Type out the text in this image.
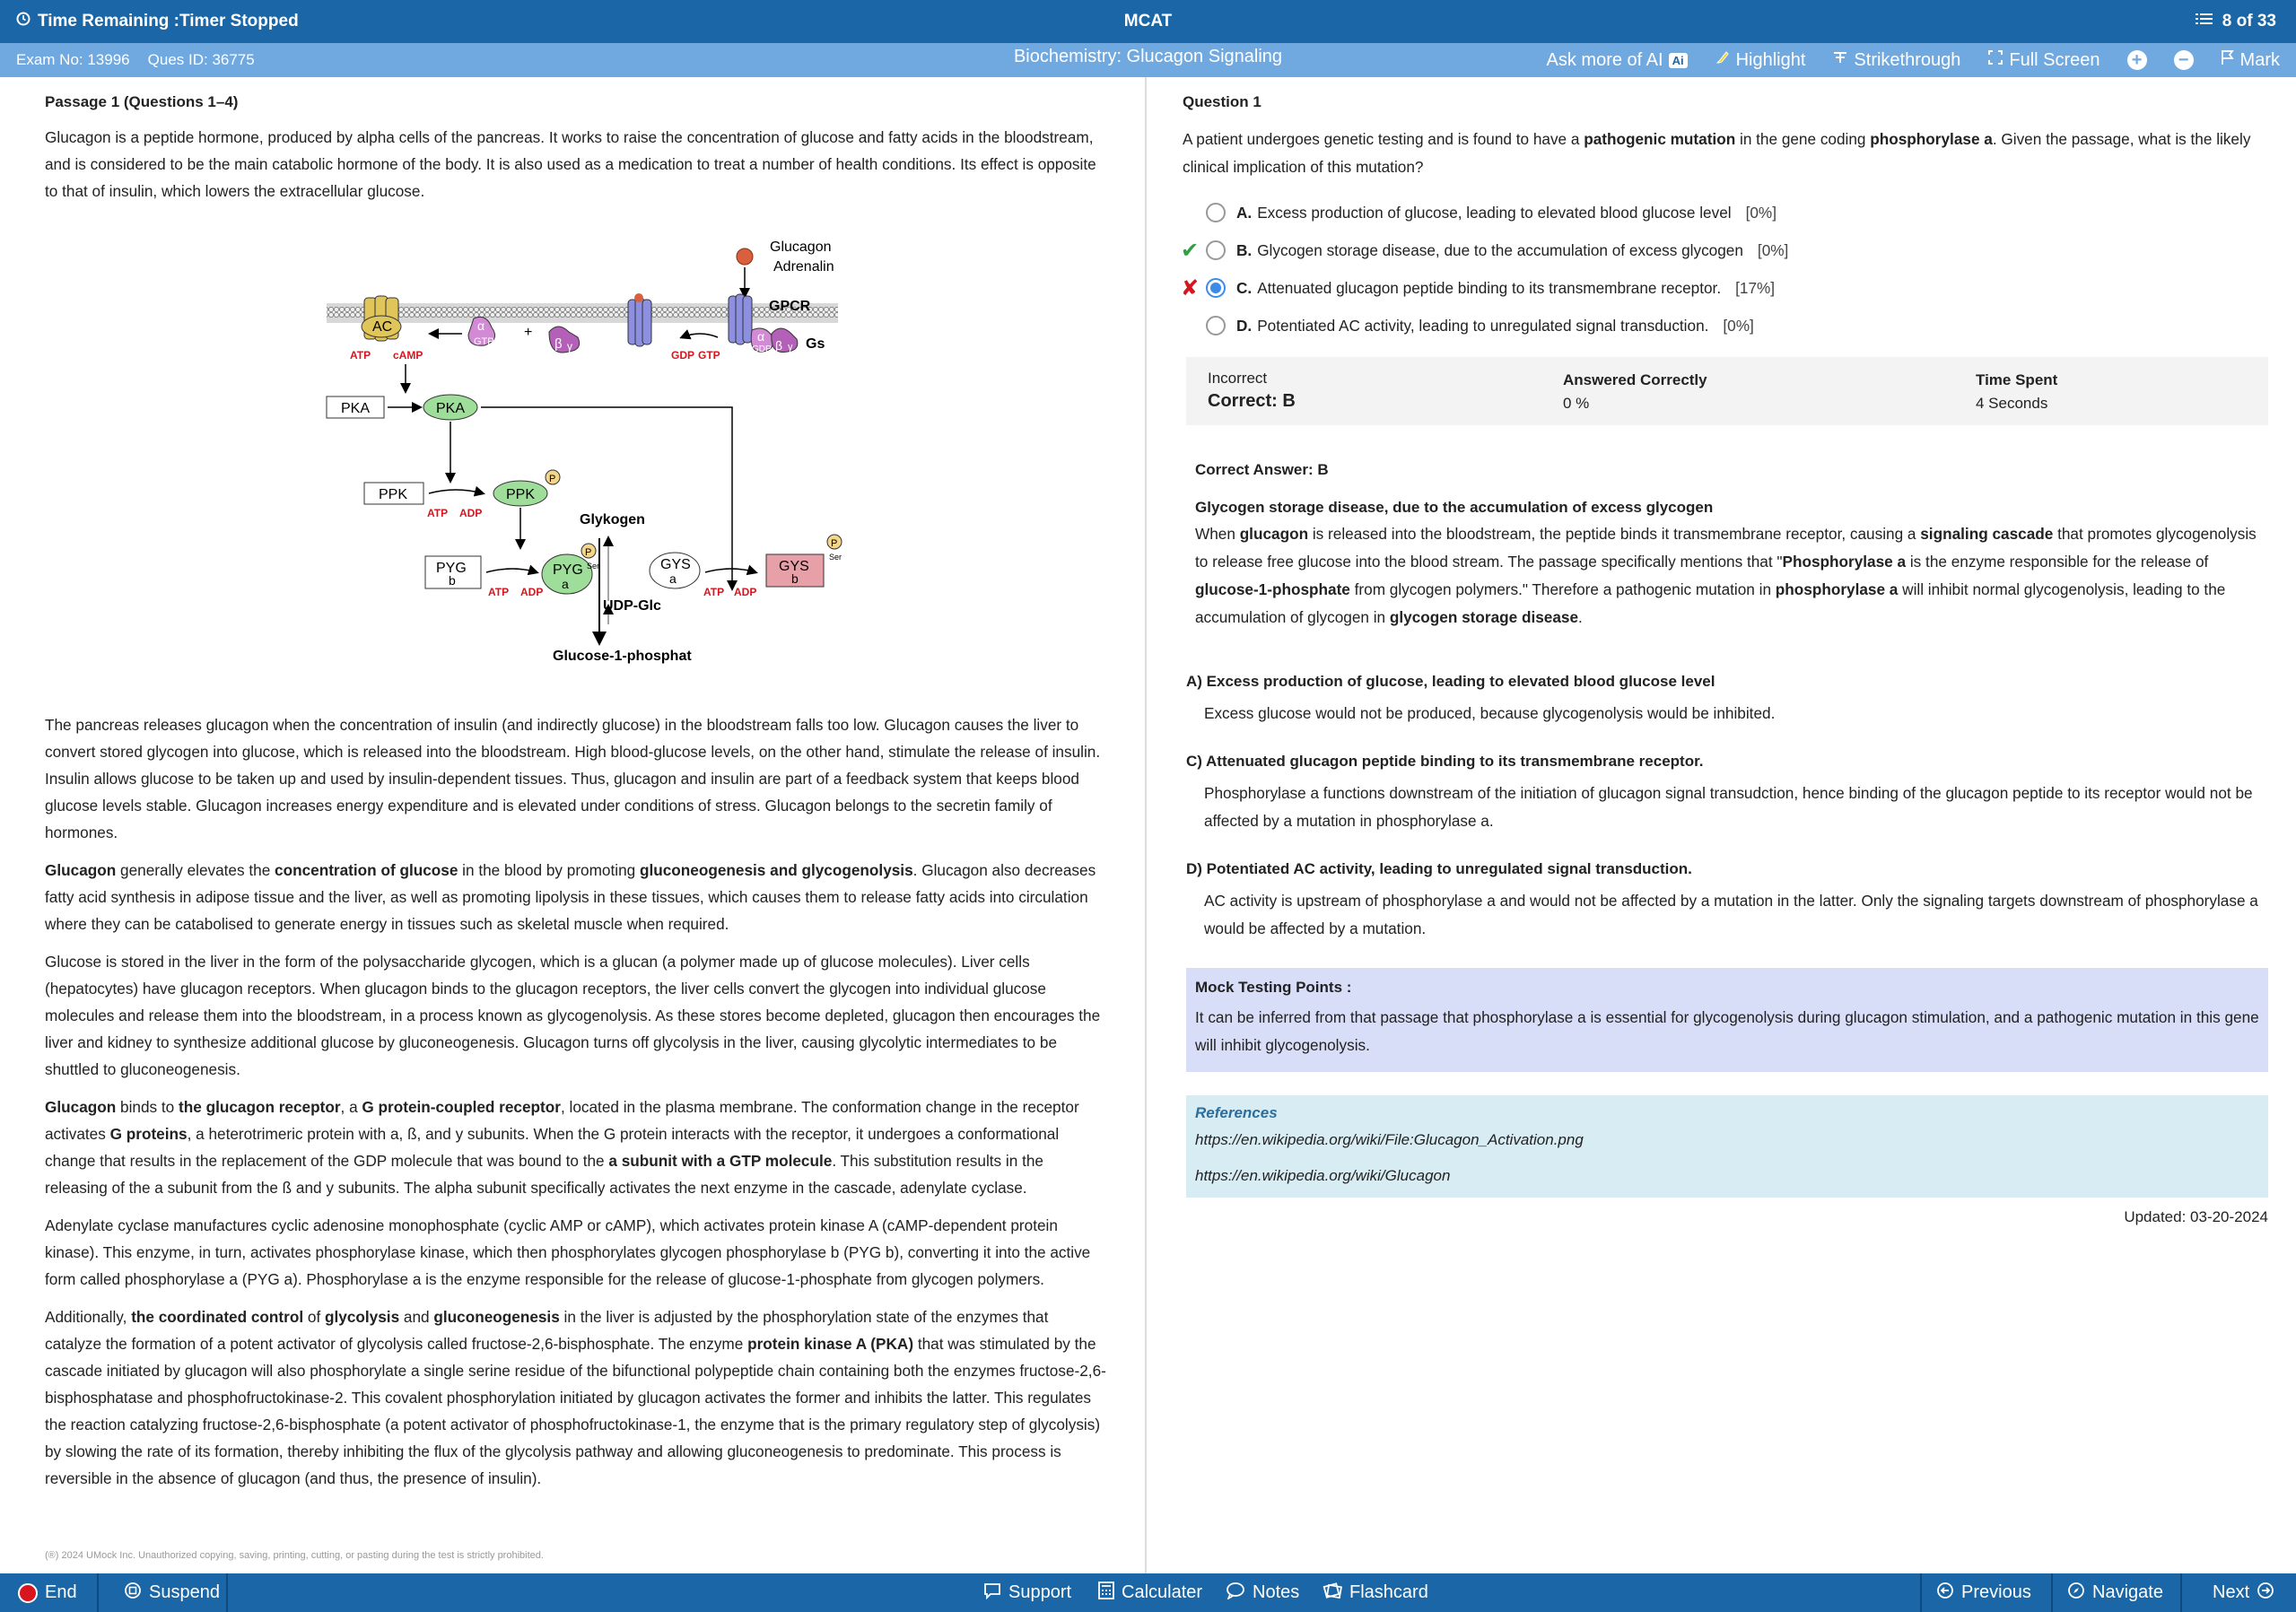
Time Remaining :Timer Stopped	MCAT	8 of 33
Exam No: 13996 Ques ID: 36775	Biochemistry: Glucagon Signaling	Ask more of AI Ai	Highlight	Strikethrough	Full Screen + −	Mark
Passage 1 (Questions 1–4)

Glucagon is a peptide hormone, produced by alpha cells of the pancreas. It works to raise the concentration of glucose and fatty acids in the bloodstream, and is considered to be the main catabolic hormone of the body. It is also used as a medication to treat a number of health conditions. Its effect is opposite to that of insulin, which lowers the extracellular glucose.

Glucagon
Adrenalin
GPCR
AC
ATP cAMP
α
GTP
+
β γ
GDP GTP
α
GDP β γ Gs
PKA	PKA
PPK
ATP ADP
PPK
P
PYG
b
ATP ADP
PYG
a
P
Ser
Glykogen
Glucose-1-phosphat
UDP-Glc
GYS
a
ATP ADP
GYS
b
P
Ser

The pancreas releases glucagon when the concentration of insulin (and indirectly glucose) in the bloodstream falls too low. Glucagon causes the liver to convert stored glycogen into glucose, which is released into the bloodstream. High blood-glucose levels, on the other hand, stimulate the release of insulin. Insulin allows glucose to be taken up and used by insulin-dependent tissues. Thus, glucagon and insulin are part of a feedback system that keeps blood glucose levels stable. Glucagon increases energy expenditure and is elevated under conditions of stress. Glucagon belongs to the secretin family of hormones.

Glucagon generally elevates the concentration of glucose in the blood by promoting gluconeogenesis and glycogenolysis. Glucagon also decreases fatty acid synthesis in adipose tissue and the liver, as well as promoting lipolysis in these tissues, which causes them to release fatty acids into circulation where they can be catabolised to generate energy in tissues such as skeletal muscle when required.

Glucose is stored in the liver in the form of the polysaccharide glycogen, which is a glucan (a polymer made up of glucose molecules). Liver cells (hepatocytes) have glucagon receptors. When glucagon binds to the glucagon receptors, the liver cells convert the glycogen into individual glucose molecules and release them into the bloodstream, in a process known as glycogenolysis. As these stores become depleted, glucagon then encourages the liver and kidney to synthesize additional glucose by gluconeogenesis. Glucagon turns off glycolysis in the liver, causing glycolytic intermediates to be shuttled to gluconeogenesis.

Glucagon binds to the glucagon receptor, a G protein-coupled receptor, located in the plasma membrane. The conformation change in the receptor activates G proteins, a heterotrimeric protein with a, ß, and y subunits. When the G protein interacts with the receptor, it undergoes a conformational change that results in the replacement of the GDP molecule that was bound to the a subunit with a GTP molecule. This substitution results in the releasing of the a subunit from the ß and y subunits. The alpha subunit specifically activates the next enzyme in the cascade, adenylate cyclase.

Adenylate cyclase manufactures cyclic adenosine monophosphate (cyclic AMP or cAMP), which activates protein kinase A (cAMP-dependent protein kinase). This enzyme, in turn, activates phosphorylase kinase, which then phosphorylates glycogen phosphorylase b (PYG b), converting it into the active form called phosphorylase a (PYG a). Phosphorylase a is the enzyme responsible for the release of glucose-1-phosphate from glycogen polymers.

Additionally, the coordinated control of glycolysis and gluconeogenesis in the liver is adjusted by the phosphorylation state of the enzymes that catalyze the formation of a potent activator of glycolysis called fructose-2,6-bisphosphate. The enzyme protein kinase A (PKA) that was stimulated by the cascade initiated by glucagon will also phosphorylate a single serine residue of the bifunctional polypeptide chain containing both the enzymes fructose-2,6-bisphosphatase and phosphofructokinase-2. This covalent phosphorylation initiated by glucagon activates the former and inhibits the latter. This regulates the reaction catalyzing fructose-2,6-bisphosphate (a potent activator of phosphofructokinase-1, the enzyme that is the primary regulatory step of glycolysis) by slowing the rate of its formation, thereby inhibiting the flux of the glycolysis pathway and allowing gluconeogenesis to predominate. This process is reversible in the absence of glucagon (and thus, the presence of insulin).

(®) 2024 UMock Inc. Unauthorized copying, saving, printing, cutting, or pasting during the test is strictly prohibited.
Question 1
A patient undergoes genetic testing and is found to have a pathogenic mutation in the gene coding phosphorylase a. Given the passage, what is the likely clinical implication of this mutation?
A. Excess production of glucose, leading to elevated blood glucose level [0%]
✔ B. Glycogen storage disease, due to the accumulation of excess glycogen [0%]
✘ C. Attenuated glucagon peptide binding to its transmembrane receptor. [17%]
D. Potentiated AC activity, leading to unregulated signal transduction. [0%]
Incorrect
Correct: B
Answered Correctly
0 %
Time Spent
4 Seconds
Correct Answer: B
Glycogen storage disease, due to the accumulation of excess glycogen
When glucagon is released into the bloodstream, the peptide binds it transmembrane receptor, causing a signaling cascade that promotes glycogenolysis to release free glucose into the blood stream. The passage specifically mentions that "Phosphorylase a is the enzyme responsible for the release of glucose-1-phosphate from glycogen polymers." Therefore a pathogenic mutation in phosphorylase a will inhibit normal glycogenolysis, leading to the accumulation of glycogen in glycogen storage disease.
A) Excess production of glucose, leading to elevated blood glucose level
Excess glucose would not be produced, because glycogenolysis would be inhibited.
C) Attenuated glucagon peptide binding to its transmembrane receptor.
Phosphorylase a functions downstream of the initiation of glucagon signal transudction, hence binding of the glucagon peptide to its receptor would not be affected by a mutation in phosphorylase a.
D) Potentiated AC activity, leading to unregulated signal transduction.
AC activity is upstream of phosphorylase a and would not be affected by a mutation in the latter. Only the signaling targets downstream of phosphorylase a would be affected by a mutation.
Mock Testing Points :
It can be inferred from that passage that phosphorylase a is essential for glycogenolysis during glucagon stimulation, and a pathogenic mutation in this gene will inhibit glycogenolysis.
References
https://en.wikipedia.org/wiki/File:Glucagon_Activation.png
https://en.wikipedia.org/wiki/Glucagon
Updated: 03-20-2024
End	Suspend	Support	Calculater	Notes	Flashcard	Previous	Navigate	Next
